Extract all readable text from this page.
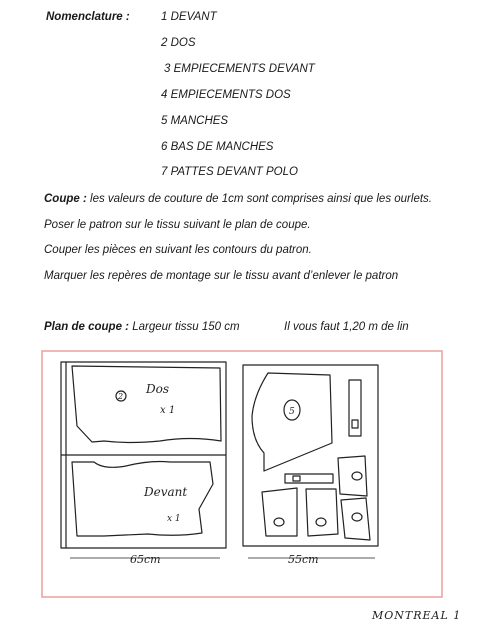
Nomenclature :	1 DEVANT
2 DOS
3 EMPIECEMENTS DEVANT
4 EMPIECEMENTS DOS
5 MANCHES
6 BAS DE MANCHES
7 PATTES DEVANT POLO
Coupe : les valeurs de couture de 1cm sont comprises ainsi que les ourlets.
Poser le patron sur le tissu suivant le plan de coupe.
Couper les pièces en suivant les contours du patron.
Marquer les repères de montage sur le tissu avant d’enlever le patron
Plan de coupe : Largeur tissu 150 cm	Il vous faut 1,20 m de lin
2
Dos
x 1
Devant
x 1
5
65cm	55cm
MONTREAL 1
